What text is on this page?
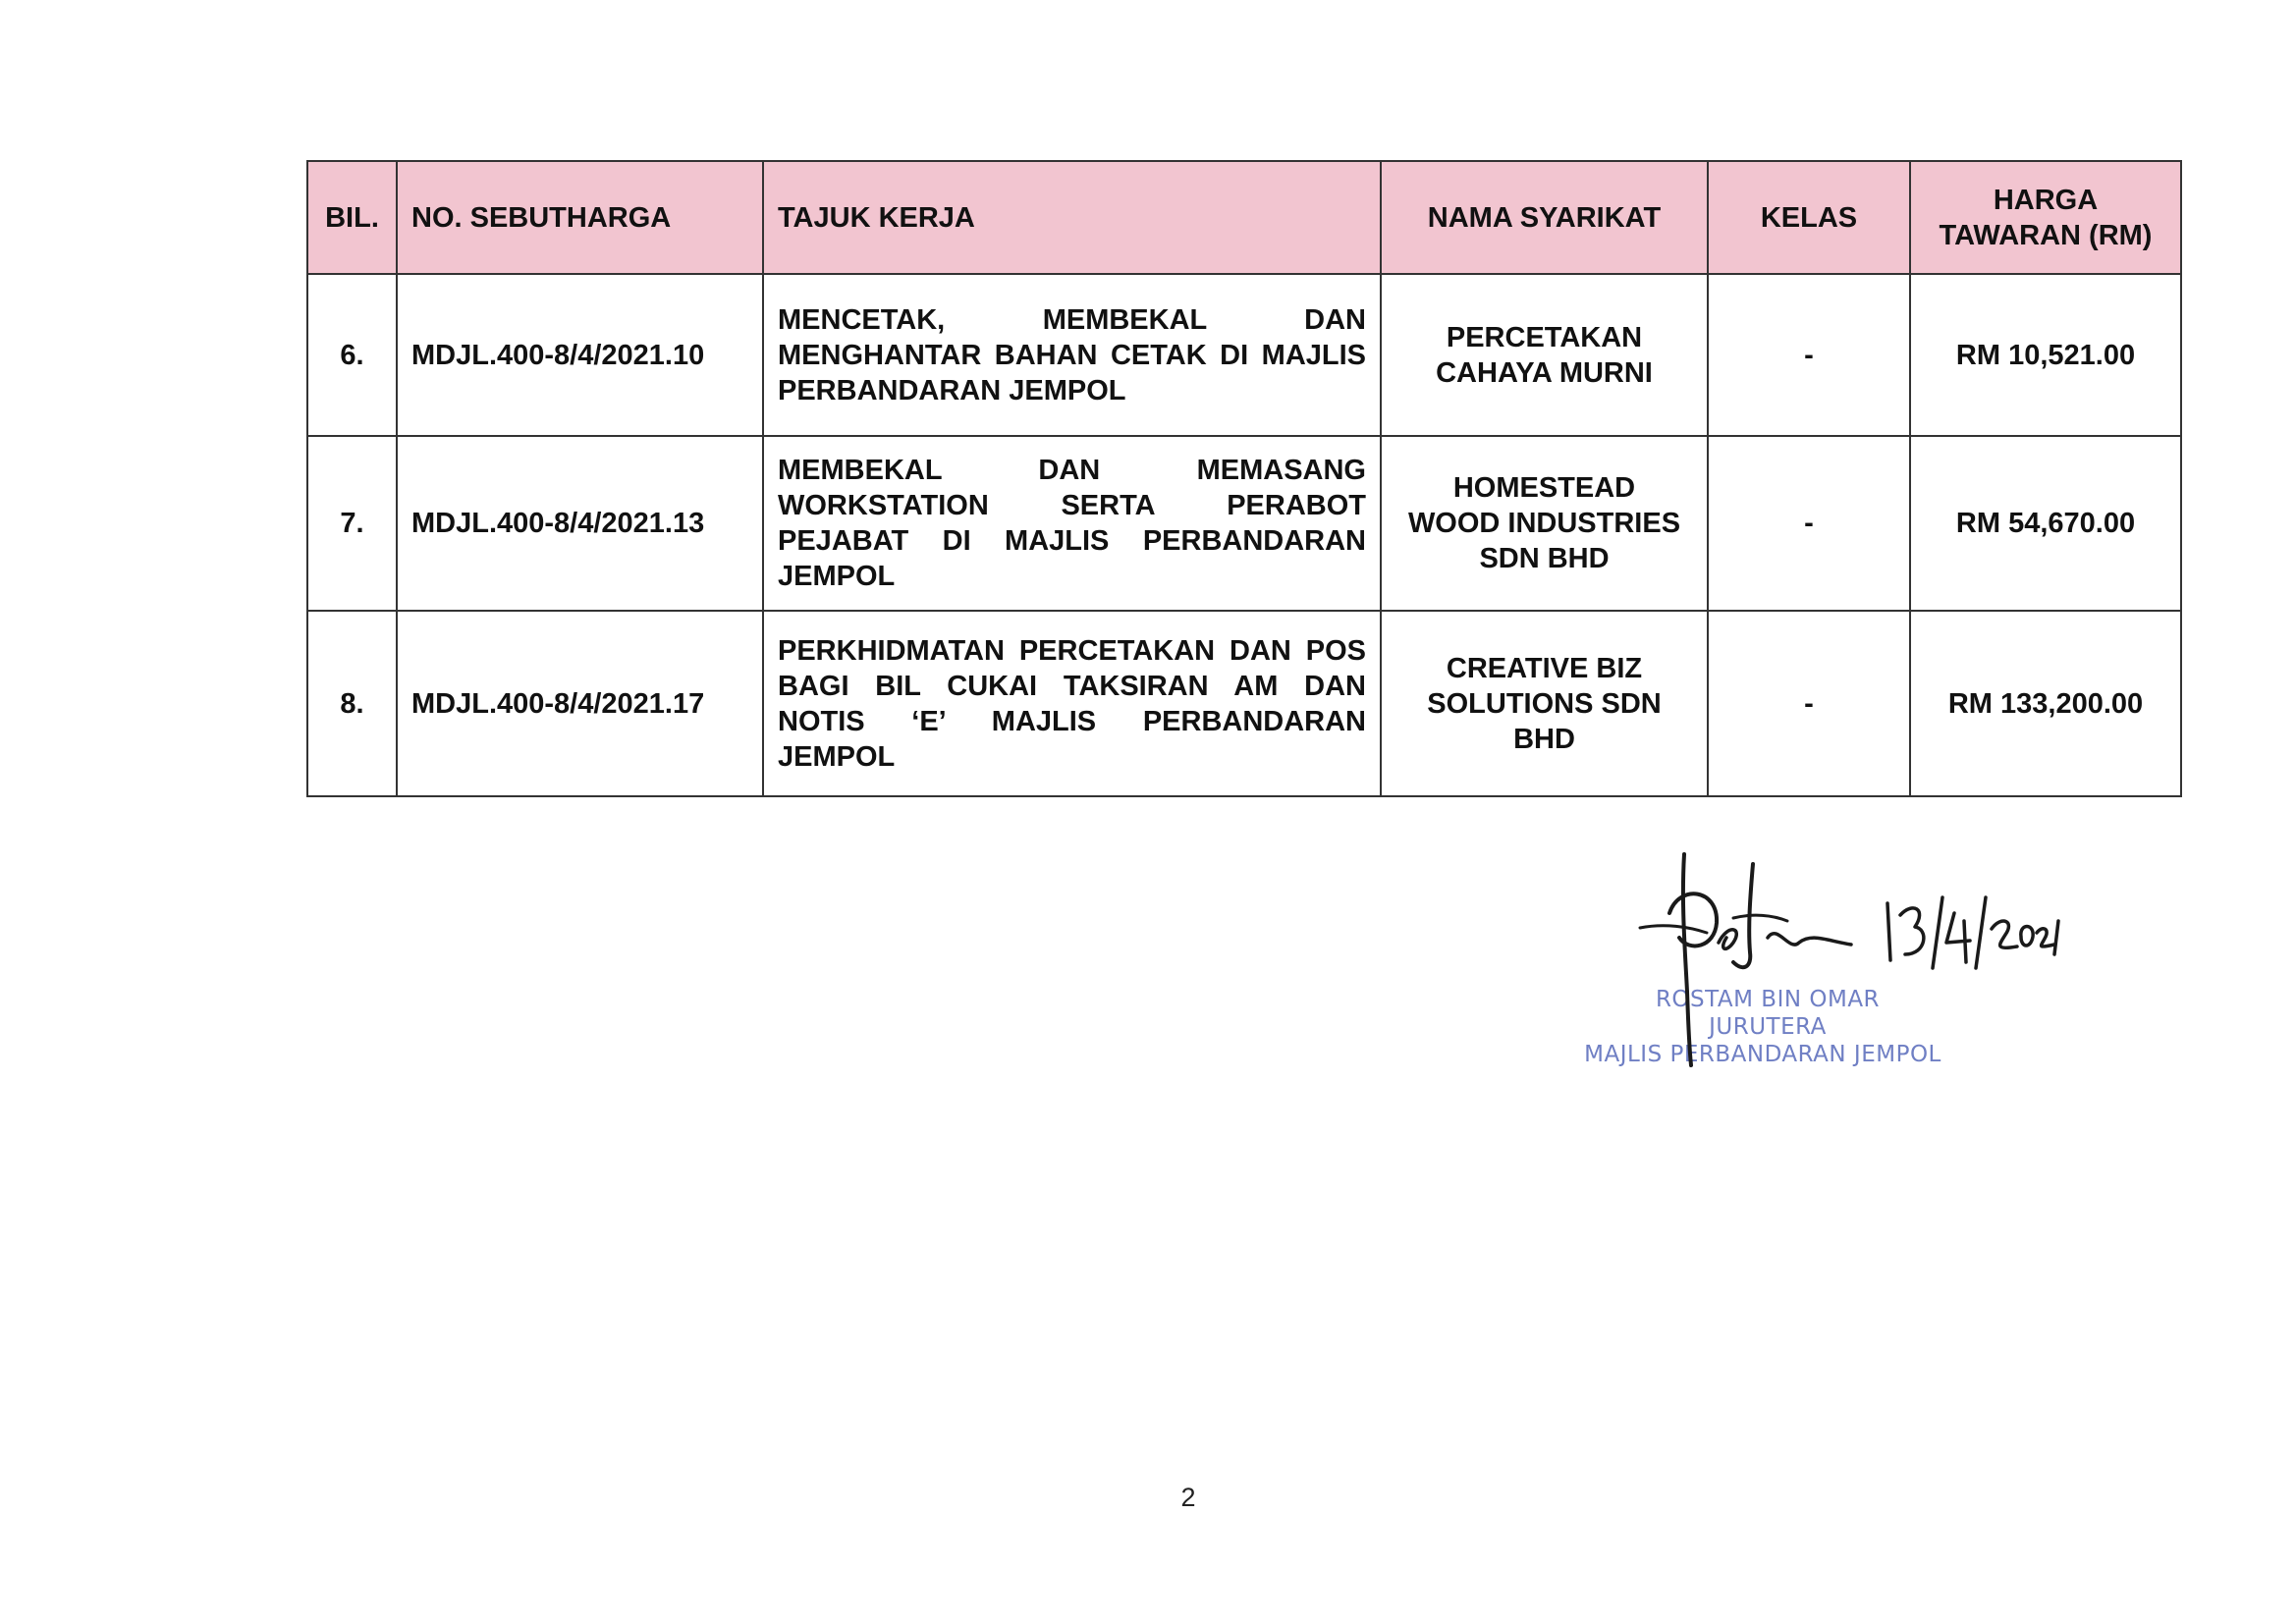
BIL.	NO. SEBUTHARGA	TAJUK KERJA	NAMA SYARIKAT	KELAS	HARGA
TAWARAN (RM)

6.	MDJL.400-8/4/2021.10	MENCETAK, MEMBEKAL DAN MENGHANTAR BAHAN CETAK DI MAJLIS PERBANDARAN JEMPOL	PERCETAKAN
CAHAYA MURNI	-	RM 10,521.00
7.	MDJL.400-8/4/2021.13	MEMBEKAL DAN MEMASANG WORKSTATION SERTA PERABOT PEJABAT DI MAJLIS PERBANDARAN JEMPOL	HOMESTEAD
WOOD INDUSTRIES
SDN BHD	-	RM 54,670.00
8.	MDJL.400-8/4/2021.17	PERKHIDMATAN PERCETAKAN DAN POS BAGI BIL CUKAI TAKSIRAN AM DAN NOTIS ‘E’ MAJLIS PERBANDARAN JEMPOL	CREATIVE BIZ
SOLUTIONS SDN
BHD	-	RM 133,200.00
ROSTAM BIN OMAR
JURUTERA
MAJLIS PERBANDARAN JEMPOL
2
